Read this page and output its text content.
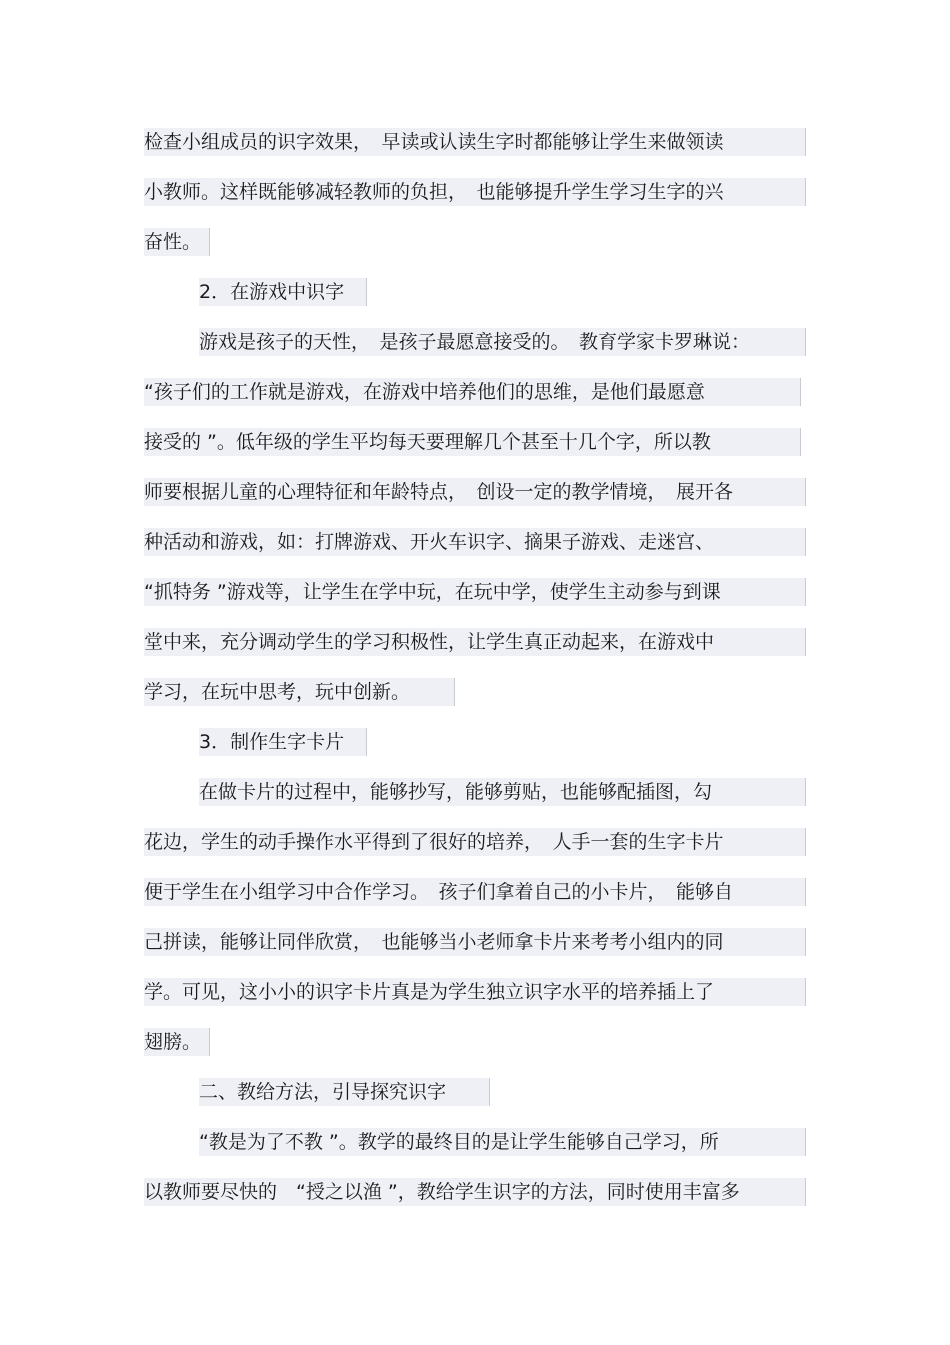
检查小组成员的识字效果，　早读或认读生字时都能够让学生来做领读
小教师。这样既能够减轻教师的负担，　也能够提升学生学习生字的兴
奋性。
2．在游戏中识字
游戏是孩子的天性，　是孩子最愿意接受的。　教育学家卡罗琳说：
“孩子们的工作就是游戏，在游戏中培养他们的思维，是他们最愿意
接受的 ”。低年级的学生平均每天要理解几个甚至十几个字，所以教
师要根据儿童的心理特征和年龄特点，　创设一定的教学情境，　展开各
种活动和游戏，如：打牌游戏、开火车识字、摘果子游戏、走迷宫、
“抓特务 ”游戏等，让学生在学中玩，在玩中学，使学生主动参与到课
堂中来，充分调动学生的学习积极性，让学生真正动起来，在游戏中
学习，在玩中思考，玩中创新。
3．制作生字卡片
在做卡片的过程中，能够抄写，能够剪贴，也能够配插图，勾
花边，学生的动手操作水平得到了很好的培养，　人手一套的生字卡片
便于学生在小组学习中合作学习。　孩子们拿着自己的小卡片，　能够自
己拼读，能够让同伴欣赏，　也能够当小老师拿卡片来考考小组内的同
学。可见，这小小的识字卡片真是为学生独立识字水平的培养插上了
翅膀。
二、教给方法，引导探究识字
“教是为了不教 ”。教学的最终目的是让学生能够自己学习，所
以教师要尽快的　“授之以渔 ”，教给学生识字的方法，同时使用丰富多
